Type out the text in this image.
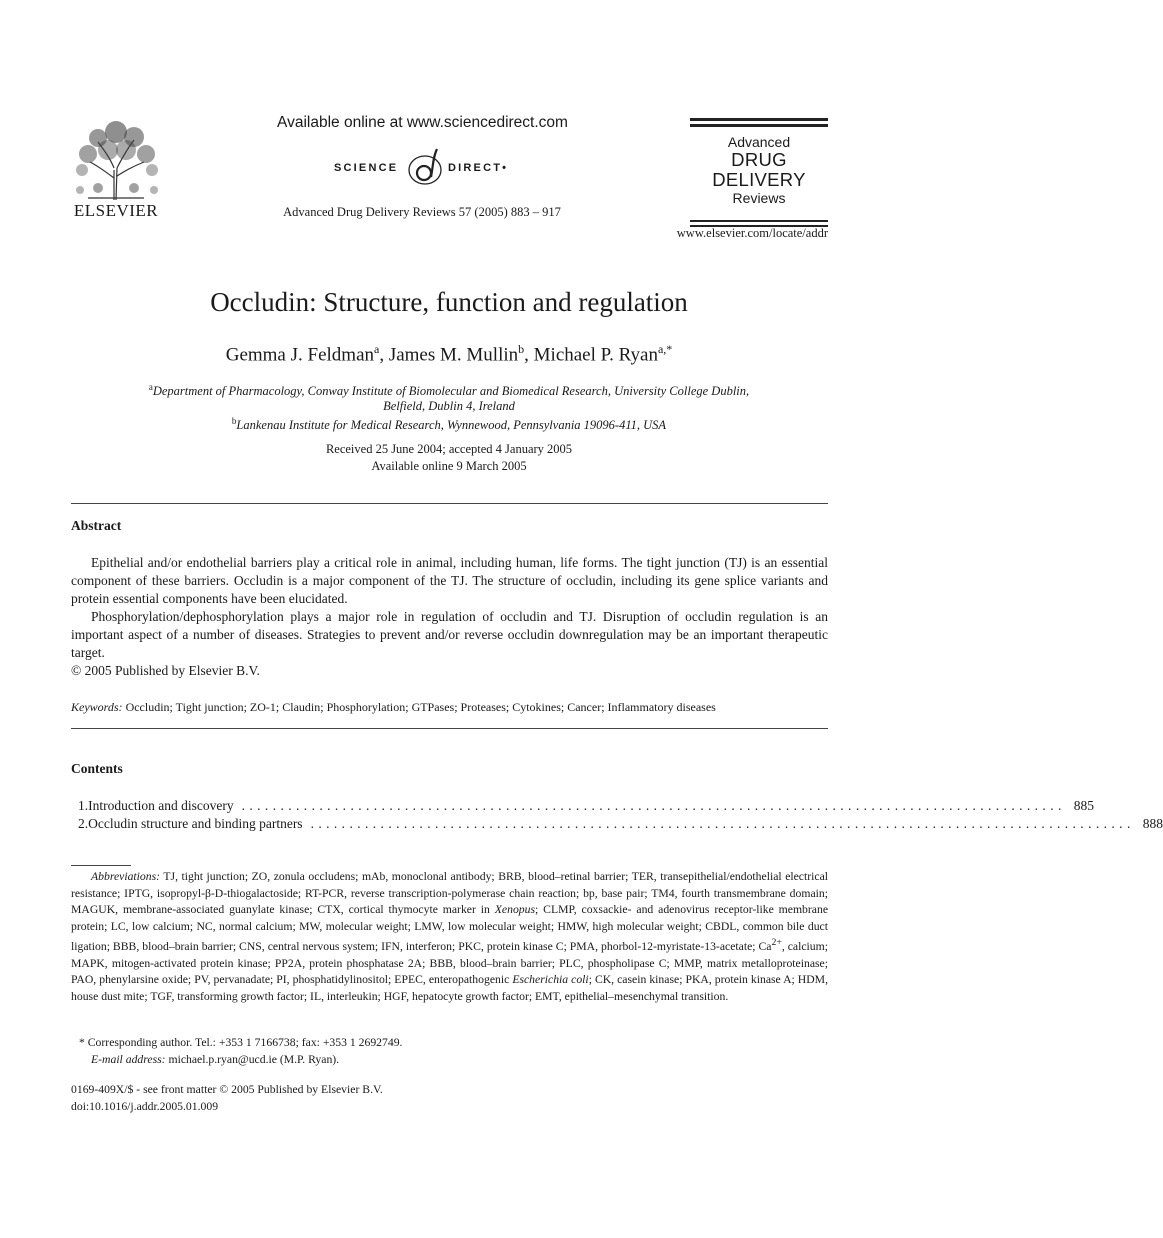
ELSEVIER
Available online at www.sciencedirect.com
SCIENCE	DIRECT•
Advanced Drug Delivery Reviews 57 (2005) 883 – 917
Advanced
DRUG DELIVERY
Reviews
www.elsevier.com/locate/addr
Occludin: Structure, function and regulation
Gemma J. Feldman$^a$, James M. Mullin$^b$, Michael P. Ryan$^{a,*}$
$^a$Department of Pharmacology, Conway Institute of Biomolecular and Biomedical Research, University College Dublin,
Belfield, Dublin 4, Ireland
$^b$Lankenau Institute for Medical Research, Wynnewood, Pennsylvania 19096-411, USA
Received 25 June 2004; accepted 4 January 2005
Available online 9 March 2005
Abstract

Epithelial and/or endothelial barriers play a critical role in animal, including human, life forms. The tight junction (TJ) is an essential component of these barriers. Occludin is a major component of the TJ. The structure of occludin, including its gene splice variants and protein essential components have been elucidated.

Phosphorylation/dephosphorylation plays a major role in regulation of occludin and TJ. Disruption of occludin regulation is an important aspect of a number of diseases. Strategies to prevent and/or reverse occludin downregulation may be an important therapeutic target.

© 2005 Published by Elsevier B.V.
Keywords: Occludin; Tight junction; ZO-1; Claudin; Phosphorylation; GTPases; Proteases; Cytokines; Cancer; Inflammatory diseases
Contents
1. Introduction and discovery .......................................................................................................... 885
2. Occludin structure and binding partners .......................................................................................................... 888
Abbreviations: TJ, tight junction; ZO, zonula occludens; mAb, monoclonal antibody; BRB, blood–retinal barrier; TER, transepithelial/endothelial electrical resistance; IPTG, isopropyl-β-D-thiogalactoside; RT-PCR, reverse transcription-polymerase chain reaction; bp, base pair; TM4, fourth transmembrane domain; MAGUK, membrane-associated guanylate kinase; CTX, cortical thymocyte marker in Xenopus; CLMP, coxsackie- and adenovirus receptor-like membrane protein; LC, low calcium; NC, normal calcium; MW, molecular weight; LMW, low molecular weight; HMW, high molecular weight; CBDL, common bile duct ligation; BBB, blood–brain barrier; CNS, central nervous system; IFN, interferon; PKC, protein kinase C; PMA, phorbol-12-myristate-13-acetate; $Ca^{2+}$, calcium; MAPK, mitogen-activated protein kinase; PP2A, protein phosphatase 2A; BBB, blood–brain barrier; PLC, phospholipase C; MMP, matrix metalloproteinase; PAO, phenylarsine oxide; PV, pervanadate; PI, phosphatidylinositol; EPEC, enteropathogenic Escherichia coli; CK, casein kinase; PKA, protein kinase A; HDM, house dust mite; TGF, transforming growth factor; IL, interleukin; HGF, hepatocyte growth factor; EMT, epithelial–mesenchymal transition.
* Corresponding author. Tel.: +353 1 7166738; fax: +353 1 2692749.
E-mail address: michael.p.ryan@ucd.ie (M.P. Ryan).
0169-409X/$ - see front matter © 2005 Published by Elsevier B.V.
doi:10.1016/j.addr.2005.01.009
